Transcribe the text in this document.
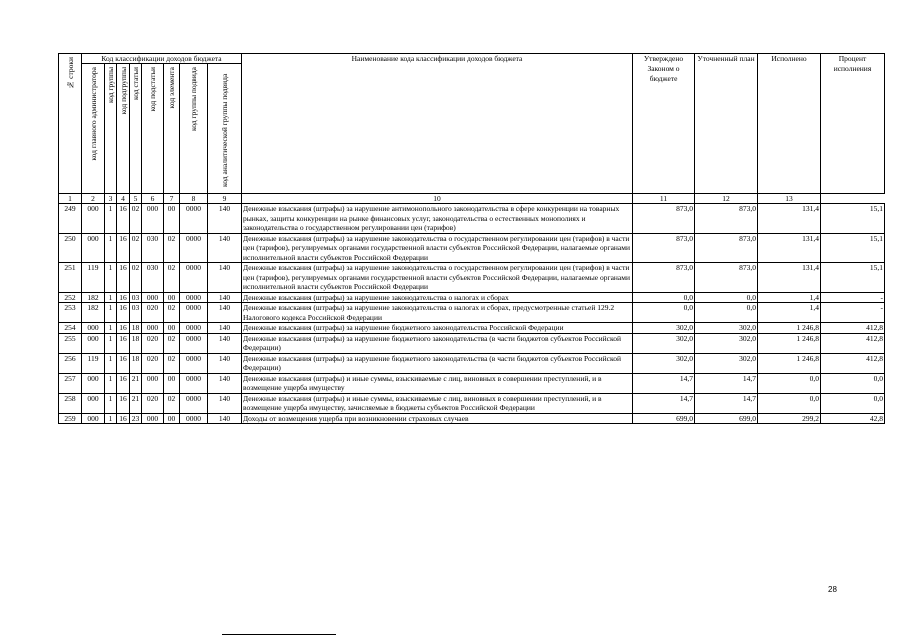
№ строки	Код классификации доходов бюджета								Наименование кода классификации доходов бюджета	Утверждено Законом о бюджете	Уточненный план	Исполнено	Процент исполнения

	код главного администратора	код группы	код подгруппы	код статьи	код подстатьи	код элемента	код группы подвида	код аналитической группы подвида					

1	2	3	4	5	6	7	8	9	10	11	12	13	
249	000	1	16	02	000	00	0000	140	Денежные взыскания (штрафы) за нарушение антимонопольного законодательства в сфере конкуренции на товарных рынках, защиты конкуренции на рынке финансовых услуг, законодательства о естественных монополиях и законодательства о государственном регулировании цен (тарифов)	873,0	873,0	131,4	15,1
250	000	1	16	02	030	02	0000	140	Денежные взыскания (штрафы) за нарушение законодательства о государственном регулировании цен (тарифов) в части цен (тарифов), регулируемых органами государственной власти субъектов Российской Федерации, налагаемые органами исполнительной власти субъектов Российской Федерации	873,0	873,0	131,4	15,1
251	119	1	16	02	030	02	0000	140	Денежные взыскания (штрафы) за нарушение законодательства о государственном регулировании цен (тарифов) в части цен (тарифов), регулируемых органами государственной власти субъектов Российской Федерации, налагаемые органами исполнительной власти субъектов Российской Федерации	873,0	873,0	131,4	15,1
252	182	1	16	03	000	00	0000	140	Денежные взыскания (штрафы) за нарушение законодательства о налогах и сборах	0,0	0,0	1,4	-
253	182	1	16	03	020	02	0000	140	Денежные взыскания (штрафы) за нарушение законодательства о налогах и сборах, предусмотренные статьей 129.2 Налогового кодекса Российской Федерации	0,0	0,0	1,4	-
254	000	1	16	18	000	00	0000	140	Денежные взыскания (штрафы) за нарушение бюджетного законодательства Российской Федерации	302,0	302,0	1 246,8	412,8
255	000	1	16	18	020	02	0000	140	Денежные взыскания (штрафы) за нарушение бюджетного законодательства (в части бюджетов субъектов Российской Федерации)	302,0	302,0	1 246,8	412,8
256	119	1	16	18	020	02	0000	140	Денежные взыскания (штрафы) за нарушение бюджетного законодательства (в части бюджетов субъектов Российской Федерации)	302,0	302,0	1 246,8	412,8
257	000	1	16	21	000	00	0000	140	Денежные взыскания (штрафы) и иные суммы, взыскиваемые с лиц, виновных в совершении преступлений, и в возмещение ущерба имуществу	14,7	14,7	0,0	0,0
258	000	1	16	21	020	02	0000	140	Денежные взыскания (штрафы) и иные суммы, взыскиваемые с лиц, виновных в совершении преступлений, и в возмещение ущерба имуществу, зачисляемые в бюджеты субъектов Российской Федерации	14,7	14,7	0,0	0,0
259	000	1	16	23	000	00	0000	140	Доходы от возмещения ущерба при возникновении страховых случаев	699,0	699,0	299,2	42,8
28
